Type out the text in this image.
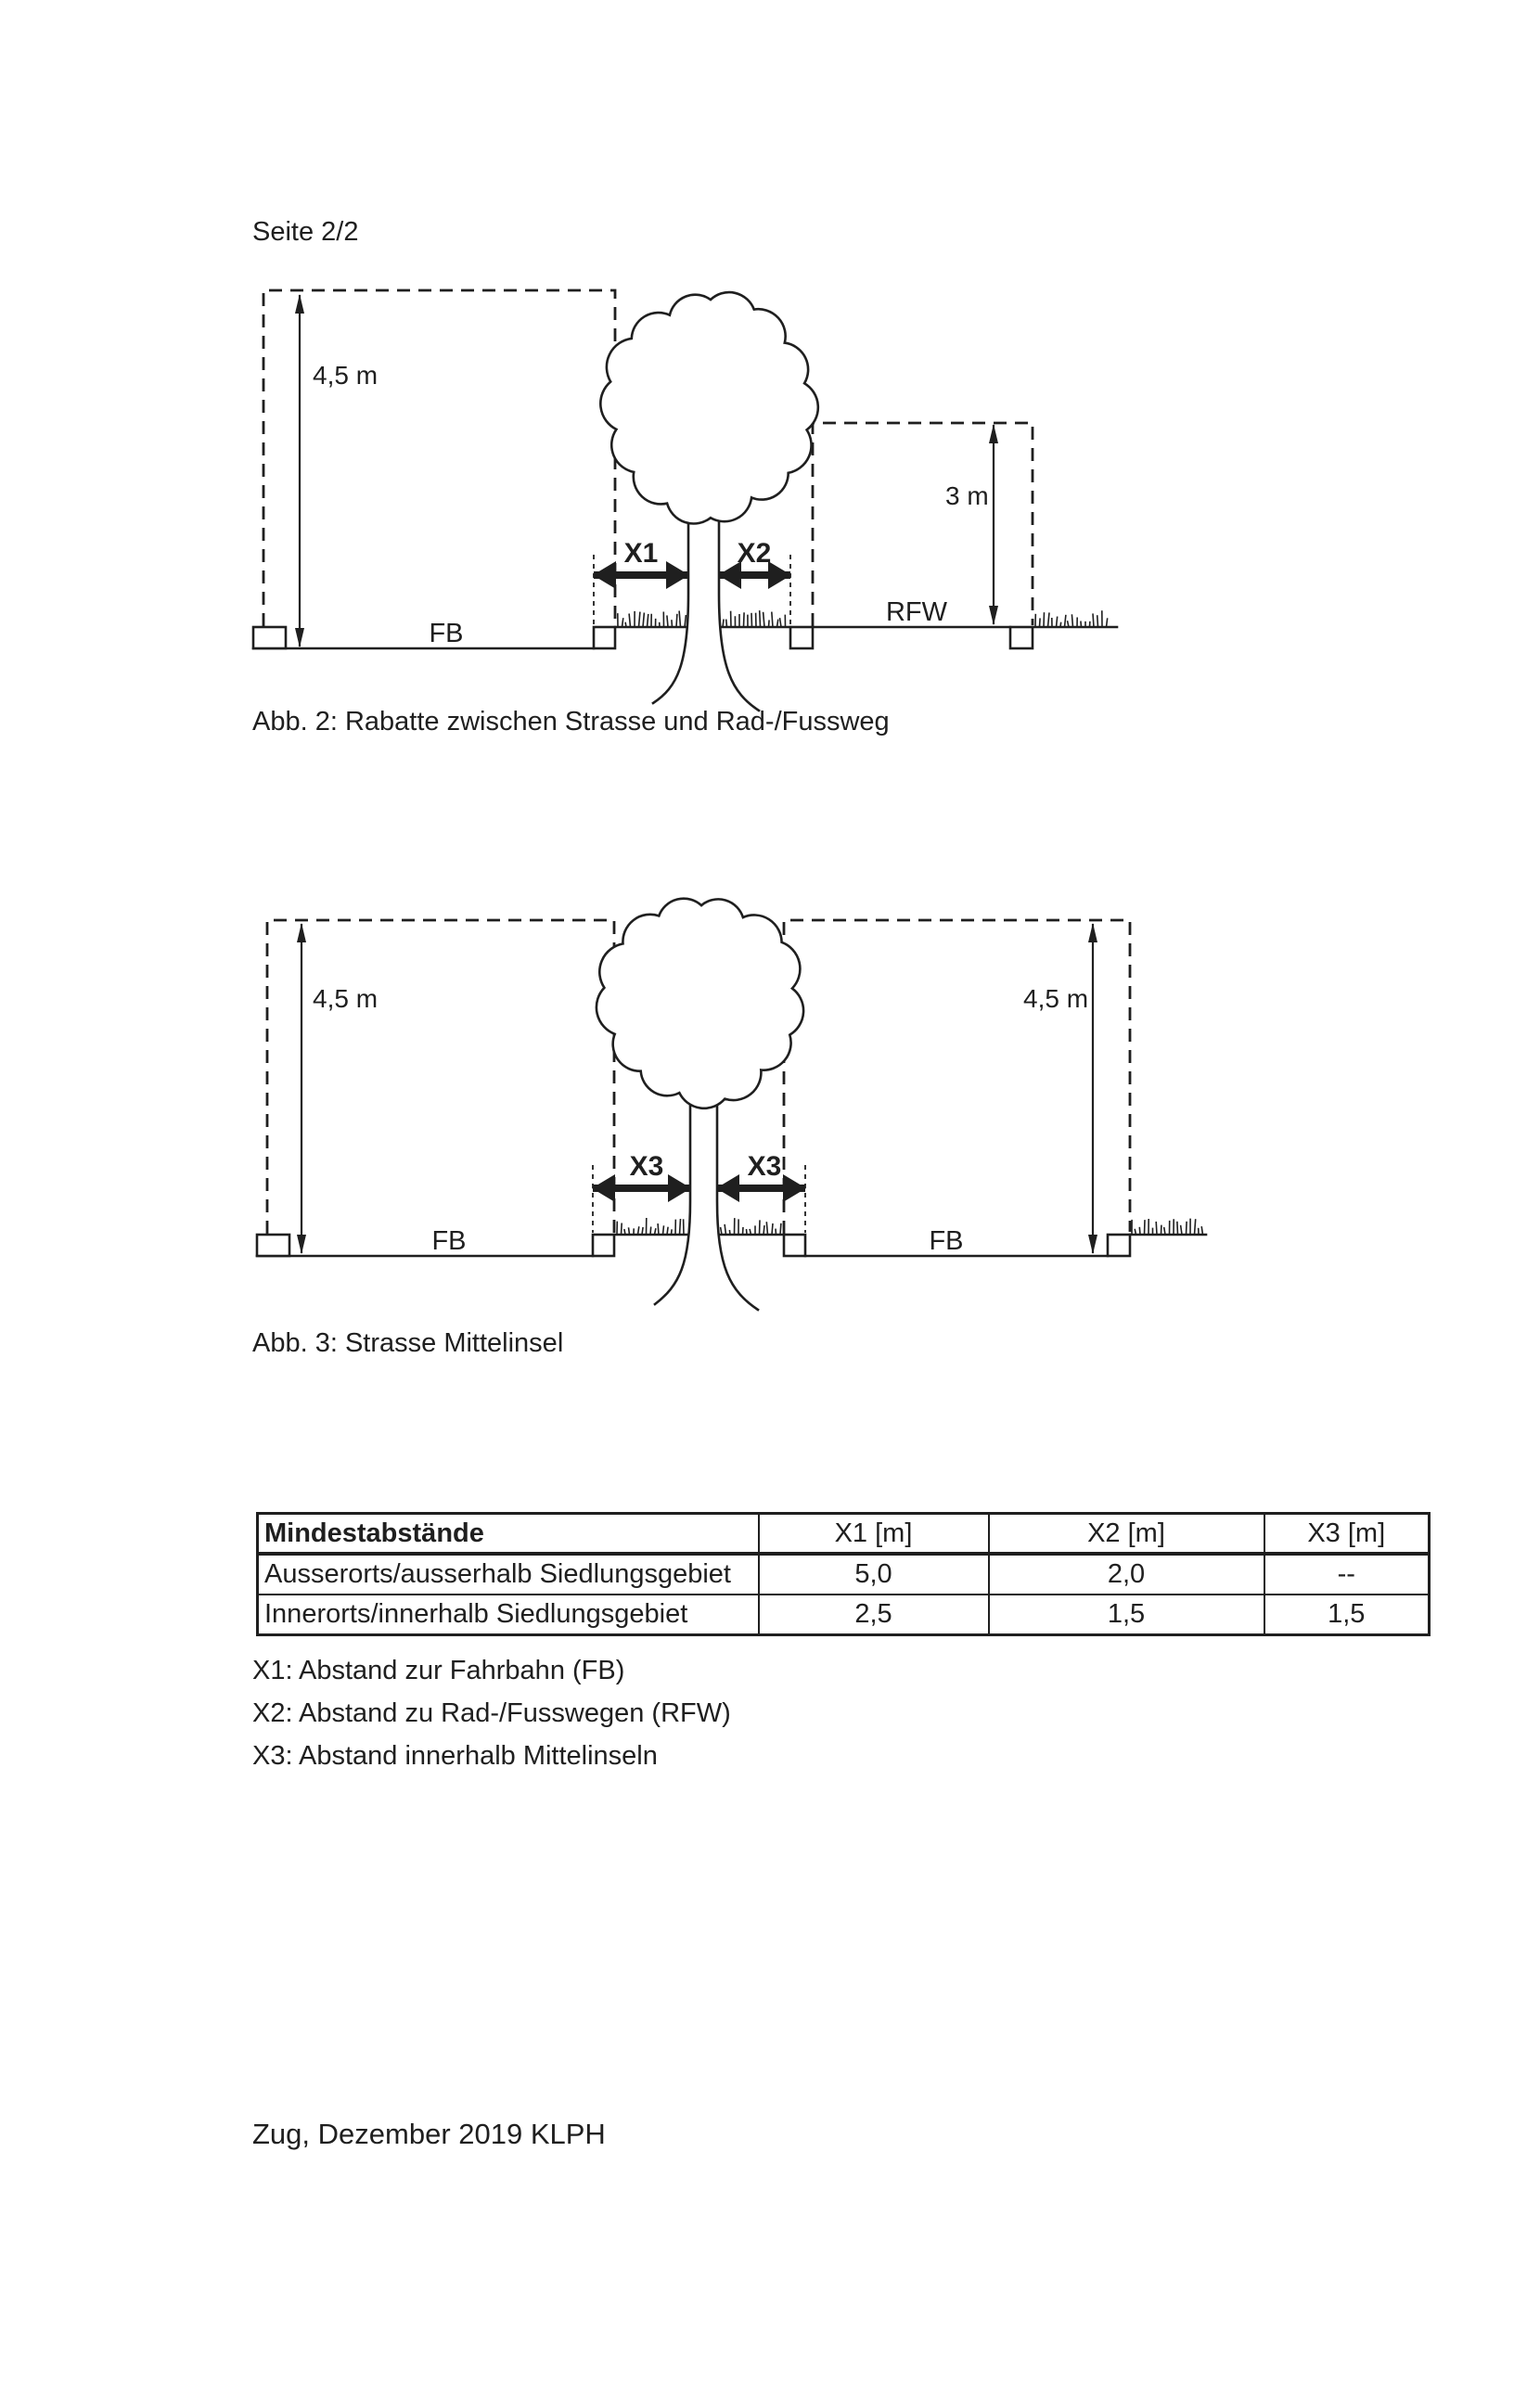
Seite 2/2
4,5 m
3 m
X1	X2
FB
RFW
Abb. 2: Rabatte zwischen Strasse und Rad-/Fussweg
4,5 m	4,5 m
X3	X3
FB	FB
Abb. 3: Strasse Mittelinsel
Mindestabstände	X1 [m]	X2 [m]	X3 [m]
Ausserorts/ausserhalb Siedlungsgebiet	5,0	2,0	--
Innerorts/innerhalb Siedlungsgebiet	2,5	1,5	1,5
X1: Abstand zur Fahrbahn (FB)
X2: Abstand zu Rad-/Fusswegen (RFW)
X3: Abstand innerhalb Mittelinseln
Zug, Dezember 2019 KLPH
